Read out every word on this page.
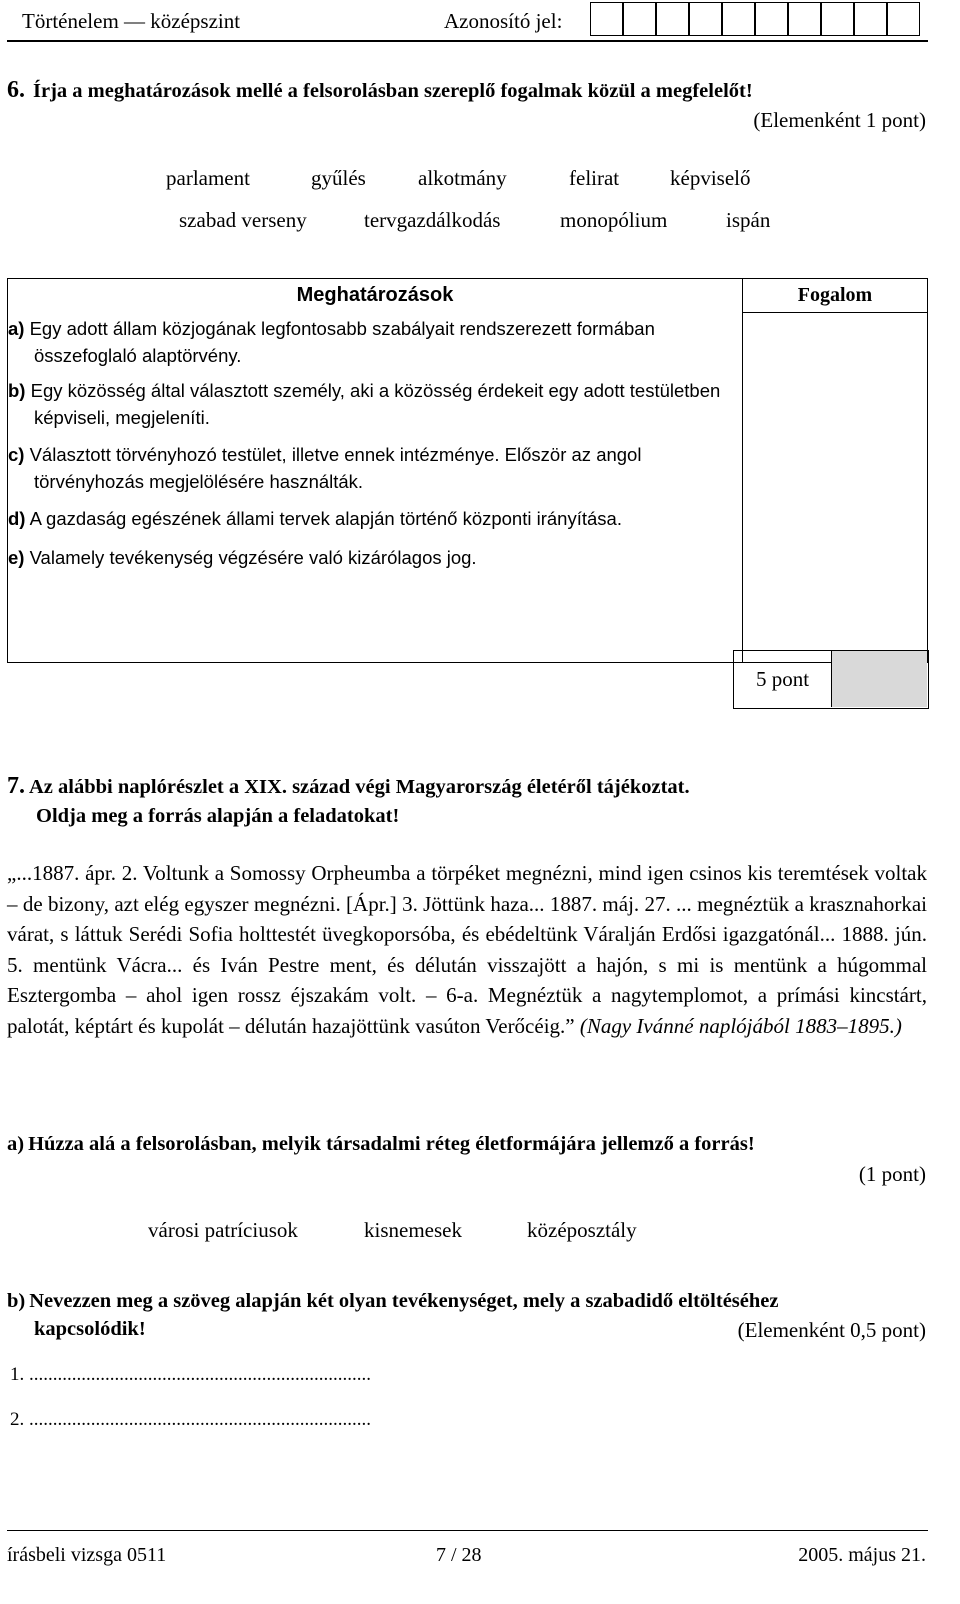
Történelem — középszint	Azonosító jel:
6. Írja a meghatározások mellé a felsorolásban szereplő fogalmak közül a megfelelőt!
(Elemenként 1 pont)
parlament	gyűlés alkotmány	felirat képviselő
szabad verseny	tervgazdálkodás	monopólium	ispán
Meghatározások	Fogalom

a) Egy adott állam közjogának legfontosabb szabályait rendszerezett formában összefoglaló alaptörvény.

b) Egy közösség által választott személy, aki a közösség érdekeit egy adott testületben képviseli, megjeleníti.

c) Választott törvényhozó testület, illetve ennek intézménye. Először az angol törvényhozás megjelölésére használták.

d) A gazdaság egészének állami tervek alapján történő központi irányítása.

e) Valamely tevékenység végzésére való kizárólagos jog.	

5 pont
7. Az alábbi naplórészlet a XIX. század végi Magyarország életéről tájékoztat.
Oldja meg a forrás alapján a feladatokat!
„...1887. ápr. 2. Voltunk a Somossy Orpheumba a törpéket megnézni, mind igen csinos kis teremtések voltak – de bizony, azt elég egyszer megnézni. [Ápr.] 3. Jöttünk haza... 1887. máj. 27. ... megnéztük a krasznahorkai várat, s láttuk Serédi Sofia holttestét üvegkoporsóba, és ebédeltünk Váralján Erdősi igazgatónál... 1888. jún. 5. mentünk Vácra... és Iván Pestre ment, és délután visszajött a hajón, s mi is mentünk a húgommal Esztergomba – ahol igen rossz éjszakám volt. – 6-a. Megnéztük a nagytemplomot, a prímási kincstárt, palotát, képtárt és kupolát – délután hazajöttünk vasúton Verőcéig.” (Nagy Ivánné naplójából 1883–1895.)
a) Húzza alá a felsorolásban, melyik társadalmi réteg életformájára jellemző a forrás!
(1 pont)
városi patríciusok	kisnemesek	középosztály
b) Nevezzen meg a szöveg alapján két olyan tevékenységet, mely a szabadidő eltöltéséhez
kapcsolódik!	(Elemenként 0,5 pont)
1. ........................................................................
2. ........................................................................
írásbeli vizsga 0511	7 / 28	2005. május 21.
